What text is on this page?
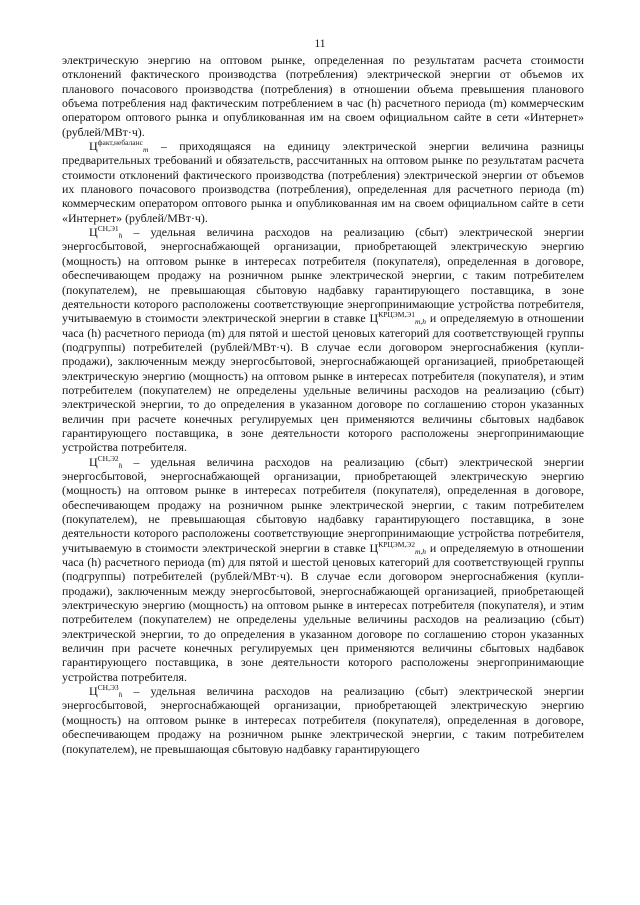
11

электрическую энергию на оптовом рынке, определенная по результатам расчета стоимости отклонений фактического производства (потребления) электрической энергии от объемов их планового почасового производства (потребления) в отношении объема превышения планового объема потребления над фактическим потреблением в час (h) расчетного периода (m) коммерческим оператором оптового рынка и опубликованная им на своем официальном сайте в сети «Интернет» (рублей/МВт·ч).

$Ц^{факт,небаланс}_m$ – приходящаяся на единицу электрической энергии величина разницы предварительных требований и обязательств, рассчитанных на оптовом рынке по результатам расчета стоимости отклонений фактического производства (потребления) электрической энергии от объемов их планового почасового производства (потребления), определенная для расчетного периода (m) коммерческим оператором оптового рынка и опубликованная им на своем официальном сайте в сети «Интернет» (рублей/МВт·ч).

$Ц^{СН,Э1}_h$ – удельная величина расходов на реализацию (сбыт) электрической энергии энергосбытовой, энергоснабжающей организации, приобретающей электрическую энергию (мощность) на оптовом рынке в интересах потребителя (покупателя), определенная в договоре, обеспечивающем продажу на розничном рынке электрической энергии, с таким потребителем (покупателем), не превышающая сбытовую надбавку гарантирующего поставщика, в зоне деятельности которого расположены соответствующие энергопринимающие устройства потребителя, учитываемую в стоимости электрической энергии в ставке $Ц^{КРЦЭМ,Э1}_{m,h}$ и определяемую в отношении часа (h) расчетного периода (m) для пятой и шестой ценовых категорий для соответствующей группы (подгруппы) потребителей (рублей/МВт·ч). В случае если договором энергоснабжения (купли-продажи), заключенным между энергосбытовой, энергоснабжающей организацией, приобретающей электрическую энергию (мощность) на оптовом рынке в интересах потребителя (покупателя), и этим потребителем (покупателем) не определены удельные величины расходов на реализацию (сбыт) электрической энергии, то до определения в указанном договоре по соглашению сторон указанных величин при расчете конечных регулируемых цен применяются величины сбытовых надбавок гарантирующего поставщика, в зоне деятельности которого расположены энергопринимающие устройства потребителя.

$Ц^{СН,Э2}_h$ – удельная величина расходов на реализацию (сбыт) электрической энергии энергосбытовой, энергоснабжающей организации, приобретающей электрическую энергию (мощность) на оптовом рынке в интересах потребителя (покупателя), определенная в договоре, обеспечивающем продажу на розничном рынке электрической энергии, с таким потребителем (покупателем), не превышающая сбытовую надбавку гарантирующего поставщика, в зоне деятельности которого расположены соответствующие энергопринимающие устройства потребителя, учитываемую в стоимости электрической энергии в ставке $Ц^{КРЦЭМ,Э2}_{m,h}$ и определяемую в отношении часа (h) расчетного периода (m) для пятой и шестой ценовых категорий для соответствующей группы (подгруппы) потребителей (рублей/МВт·ч). В случае если договором энергоснабжения (купли-продажи), заключенным между энергосбытовой, энергоснабжающей организацией, приобретающей электрическую энергию (мощность) на оптовом рынке в интересах потребителя (покупателя), и этим потребителем (покупателем) не определены удельные величины расходов на реализацию (сбыт) электрической энергии, то до определения в указанном договоре по соглашению сторон указанных величин при расчете конечных регулируемых цен применяются величины сбытовых надбавок гарантирующего поставщика, в зоне деятельности которого расположены энергопринимающие устройства потребителя.

$Ц^{СН,Э3}_h$ – удельная величина расходов на реализацию (сбыт) электрической энергии энергосбытовой, энергоснабжающей организации, приобретающей электрическую энергию (мощность) на оптовом рынке в интересах потребителя (покупателя), определенная в договоре, обеспечивающем продажу на розничном рынке электрической энергии, с таким потребителем (покупателем), не превышающая сбытовую надбавку гарантирующего
